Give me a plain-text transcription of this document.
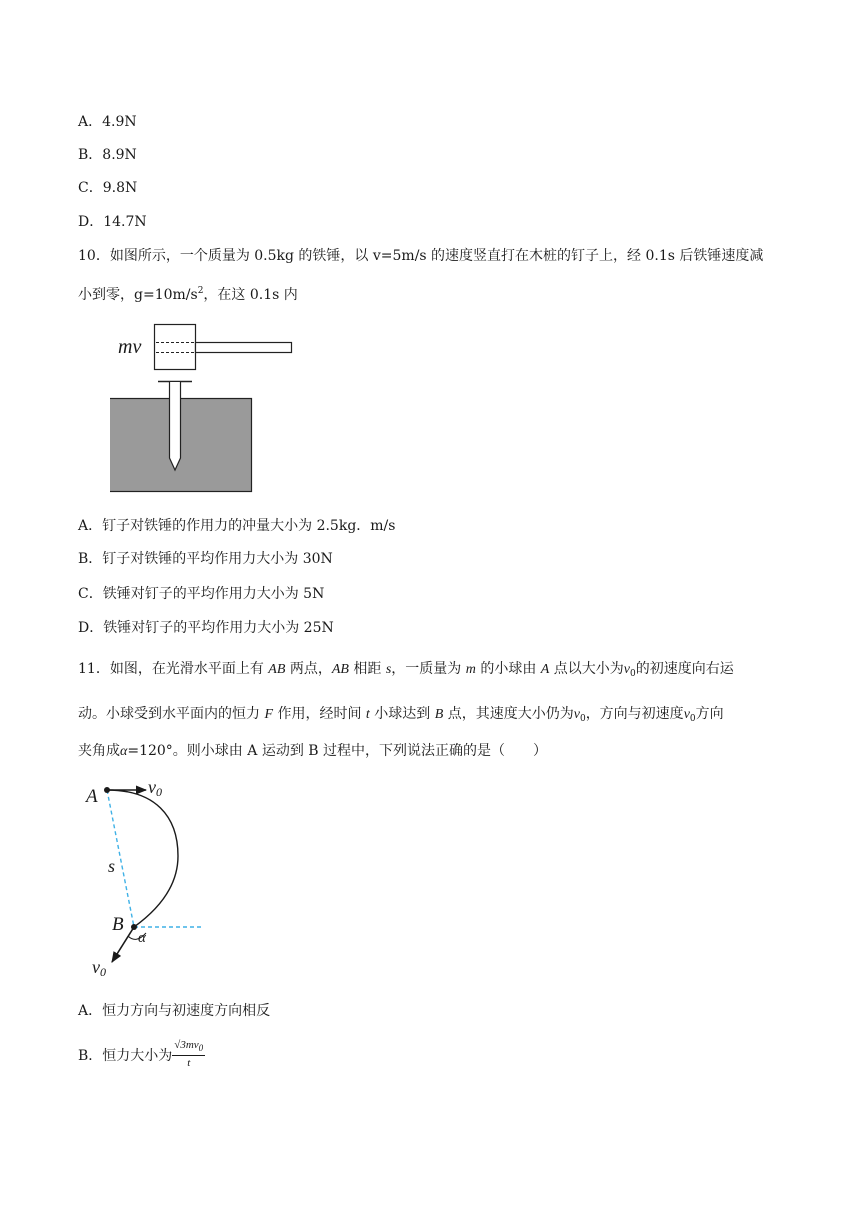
A．4.9N
B．8.9N
C．9.8N
D．14.7N
10．如图所示，一个质量为 0.5kg 的铁锤，以 v=5m/s 的速度竖直打在木桩的钉子上，经 0.1s 后铁锤速度减
小到零，$g=10m/s^2$，在这 0.1s 内
mv
A．钉子对铁锤的作用力的冲量大小为 2.5kg．m/s
B．钉子对铁锤的平均作用力大小为 30N
C．铁锤对钉子的平均作用力大小为 5N
D．铁锤对钉子的平均作用力大小为 25N
11．如图，在光滑水平面上有 AB 两点，AB 相距 s，一质量为 m 的小球由 A 点以大小为$v_0$的初速度向右运
动。小球受到水平面内的恒力 F 作用，经时间 t 小球达到 B 点，其速度大小仍为$v_0$，方向与初速度$v_0$方向
夹角成α=120°。则小球由 A 运动到 B 过程中，下列说法正确的是（　　）
A	$v_0$
s
B
α
$v_0$
A．恒力方向与初速度方向相反
B．恒力大小为 $\frac{√3mv_0}{t}$
